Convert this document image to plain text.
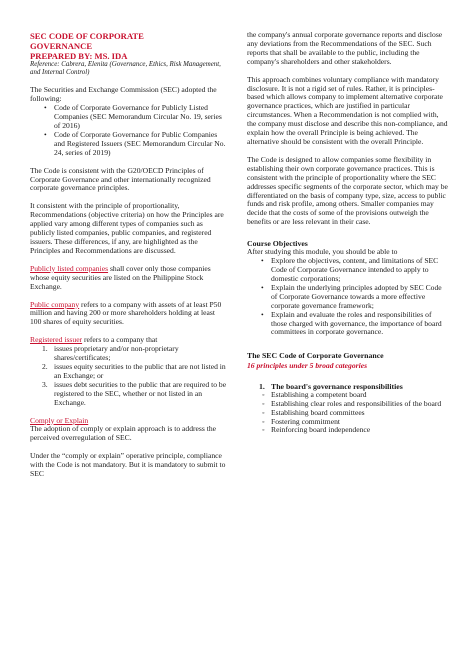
SEC CODE OF CORPORATE
GOVERNANCE
PREPARED BY: MS. IDA
Reference: Cabrera, Elenita (Governance, Ethics, Risk Management, and Internal Control)

The Securities and Exchange Commission (SEC) adopted the following:

• Code of Corporate Governance for Publicly Listed Companies (SEC Memorandum Circular No. 19, series of 2016)
• Code of Corporate Governance for Public Companies and Registered Issuers (SEC Memorandum Circular No. 24, series of 2019)

The Code is consistent with the G20/OECD Principles of Corporate Governance and other internationally recognized corporate governance principles.

It consistent with the principle of proportionality, Recommendations (objective criteria) on how the Principles are applied vary among different types of companies such as publicly listed companies, public companies, and registered issuers. These differences, if any, are highlighted as the Principles and Recommendations are discussed.

Publicly listed companies shall cover only those companies whose equity securities are listed on the Philippine Stock Exchange.

Public company refers to a company with assets of at least P50 million and having 200 or more shareholders holding at least 100 shares of equity securities.

Registered issuer refers to a company that

1. issues proprietary and/or non-proprietary shares/certificates;
2. issues equity securities to the public that are not listed in an Exchange; or
3. issues debt securities to the public that are required to be registered to the SEC, whether or not listed in an Exchange.
Comply or Explain

The adoption of comply or explain approach is to address the perceived overregulation of SEC.

Under the “comply or explain” operative principle, compliance with the Code is not mandatory. But it is mandatory to submit to SEC

the company's annual corporate governance reports and disclose any deviations from the Recommendations of the SEC. Such reports that shall be available to the public, including the company's shareholders and other stakeholders.

This approach combines voluntary compliance with mandatory disclosure. It is not a rigid set of rules. Rather, it is principles-based which allows company to implement alternative corporate governance practices, which are justified in particular circumstances. When a Recommendation is not complied with, the company must disclose and describe this non-compliance, and explain how the overall Principle is being achieved. The alternative should be consistent with the overall Principle.

The Code is designed to allow companies some flexibility in establishing their own corporate governance practices. This is consistent with the principle of proportionality where the SEC addresses specific segments of the corporate sector, which may be differentiated on the basis of company type, size, access to public funds and risk profile, among others. Smaller companies may decide that the costs of some of the provisions outweigh the benefits or are less relevant in their case.

Course Objectives

After studying this module, you should be able to

• Explore the objectives, content, and limitations of SEC Code of Corporate Governance intended to apply to domestic corporations;
• Explain the underlying principles adopted by SEC Code of Corporate Governance towards a more effective corporate governance framework;
• Explain and evaluate the roles and responsibilities of those charged with governance, the importance of board committees in corporate governance.
The SEC Code of Corporate Governance
16 principles under 5 broad categories
1. The board's governance responsibilities
◦ Establishing a competent board
◦ Establishing clear roles and responsibilities of the board
◦ Establishing board committees
◦ Fostering commitment
◦ Reinforcing board independence
